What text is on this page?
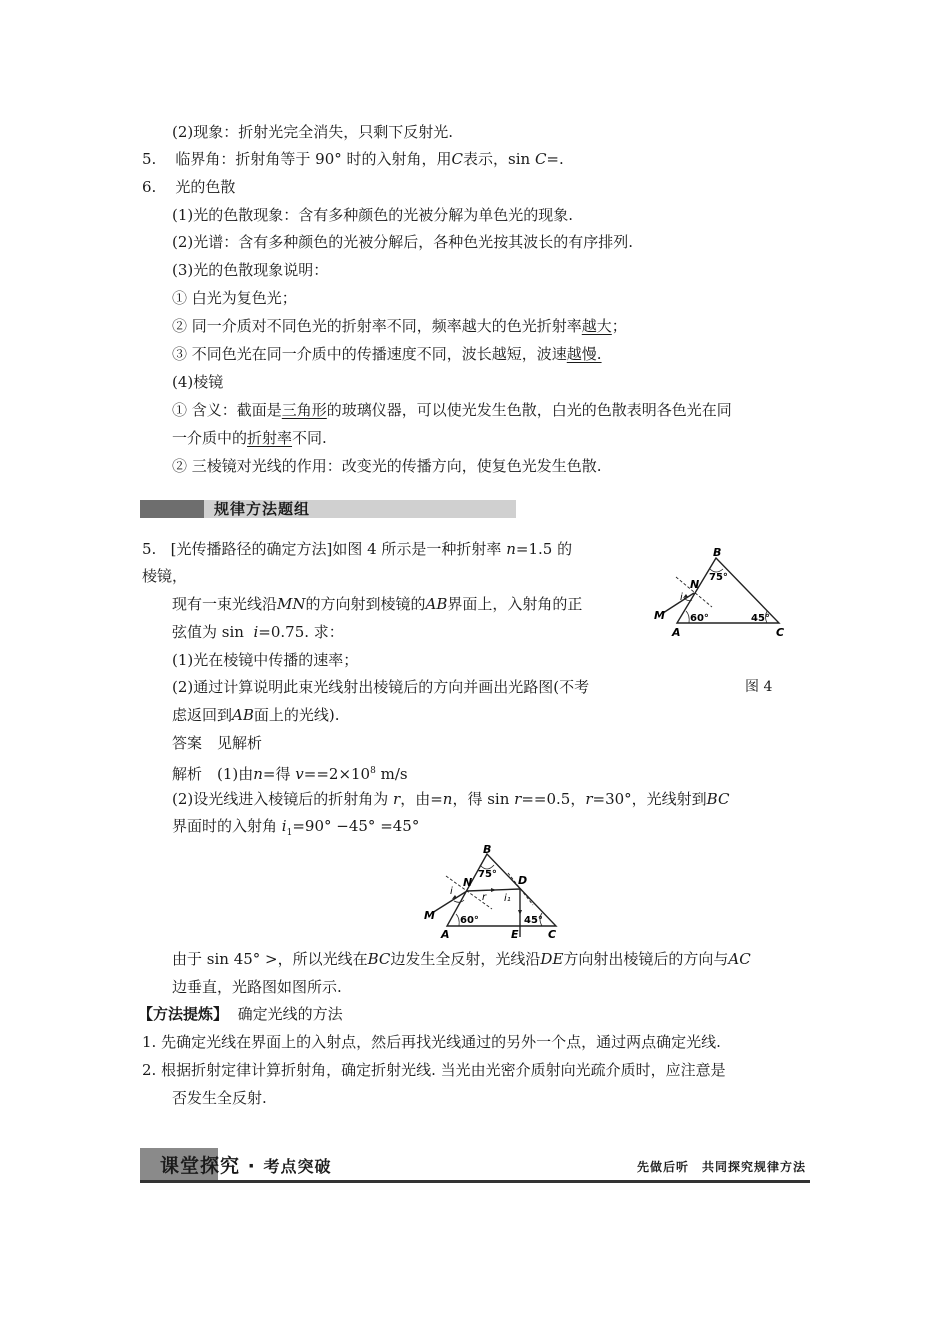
(2)现象：折射光完全消失，只剩下反射光.
5. 临界角：折射角等于 90° 时的入射角，用C表示，sin C=.
6. 光的色散
(1)光的色散现象：含有多种颜色的光被分解为单色光的现象.
(2)光谱：含有多种颜色的光被分解后，各种色光按其波长的有序排列.
(3)光的色散现象说明：
① 白光为复色光；
② 同一介质对不同色光的折射率不同，频率越大的色光折射率越大；
③ 不同色光在同一介质中的传播速度不同，波长越短，波速越慢.
(4)棱镜
① 含义：截面是三角形的玻璃仪器，可以使光发生色散，白光的色散表明各色光在同
一介质中的折射率不同.
② 三棱镜对光线的作用：改变光的传播方向，使复色光发生色散.
规律方法题组
5. [光传播路径的确定方法]如图 4 所示是一种折射率 n=1.5 的
棱镜，
现有一束光线沿MN的方向射到棱镜的AB界面上，入射角的正
弦值为 sin i=0.75. 求：
(1)光在棱镜中传播的速率；
(2)通过计算说明此束光线射出棱镜后的方向并画出光路图(不考
虑返回到AB面上的光线).
答案　见解析
解析　(1)由n=得 $v==2\times 10^8$ m/s
(2)设光线进入棱镜后的折射角为 r，由=n，得 sin r==0.5，r=30°，光线射到BC
界面时的入射角 $i_1=90^\circ -45^\circ =45^\circ$
B
N
i
M
A	C
75°
60°	45°
图 4
B
N
i
r
D
i₁
M
A	E	C
75°
60°	45°
由于 sin 45° >，所以光线在BC边发生全反射，光线沿DE方向射出棱镜后的方向与AC
边垂直，光路图如图所示.
【方法提炼】 确定光线的方法
1. 先确定光线在界面上的入射点，然后再找光线通过的另外一个点，通过两点确定光线.
2. 根据折射定律计算折射角，确定折射光线. 当光由光密介质射向光疏介质时，应注意是
否发生全反射.
课堂探究 · 考点突破	先做后听　共同探究规律方法
